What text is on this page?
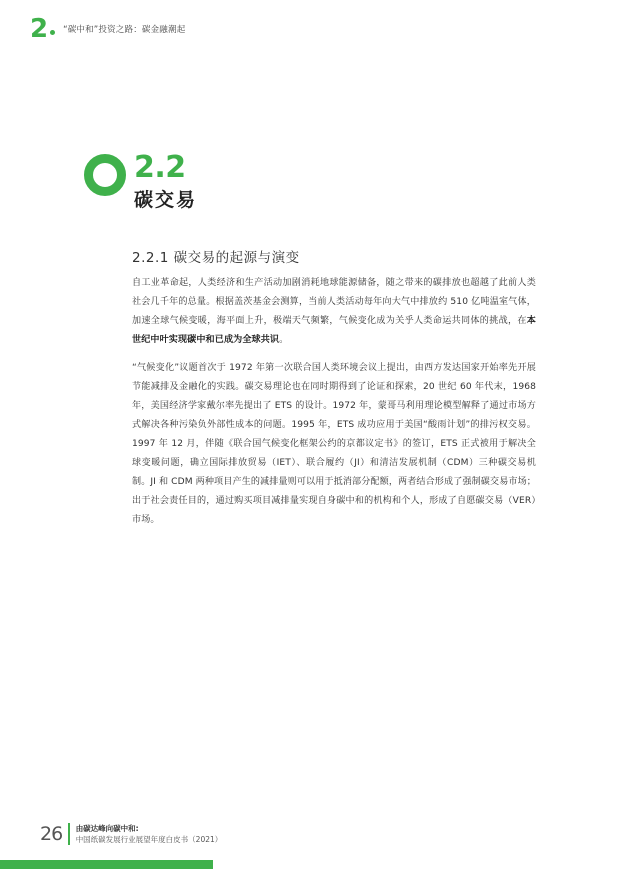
2 “碳中和”投资之路：碳金融潮起
2.2
碳交易
2.2.1 碳交易的起源与演变

自工业革命起，人类经济和生产活动加剧消耗地球能源储备，随之带来的碳排放也超越了此前人类社会几千年的总量。根据盖茨基金会测算，当前人类活动每年向大气中排放约 510 亿吨温室气体，加速全球气候变暖，海平面上升，极端天气频繁，气候变化成为关乎人类命运共同体的挑战，在本世纪中叶实现碳中和已成为全球共识。

“气候变化”议题首次于 1972 年第一次联合国人类环境会议上提出，由西方发达国家开始率先开展节能减排及金融化的实践。碳交易理论也在同时期得到了论证和探索，20 世纪 60 年代末，1968 年，美国经济学家戴尔率先提出了 ETS 的设计。1972 年，蒙哥马利用理论模型解释了通过市场方式解决各种污染负外部性成本的问题。1995 年，ETS 成功应用于美国“酸雨计划”的排污权交易。1997 年 12 月，伴随《联合国气候变化框架公约的京都议定书》的签订，ETS 正式被用于解决全球变暖问题，确立国际排放贸易（IET）、联合履约（JI）和清洁发展机制（CDM）三种碳交易机制。JI 和 CDM 两种项目产生的减排量则可以用于抵消部分配额，两者结合形成了强制碳交易市场；出于社会责任目的，通过购买项目减排量实现自身碳中和的机构和个人，形成了自愿碳交易（VER）市场。

26 由碳达峰向碳中和:
中国纸碳发展行业展望年度白皮书（2021）
